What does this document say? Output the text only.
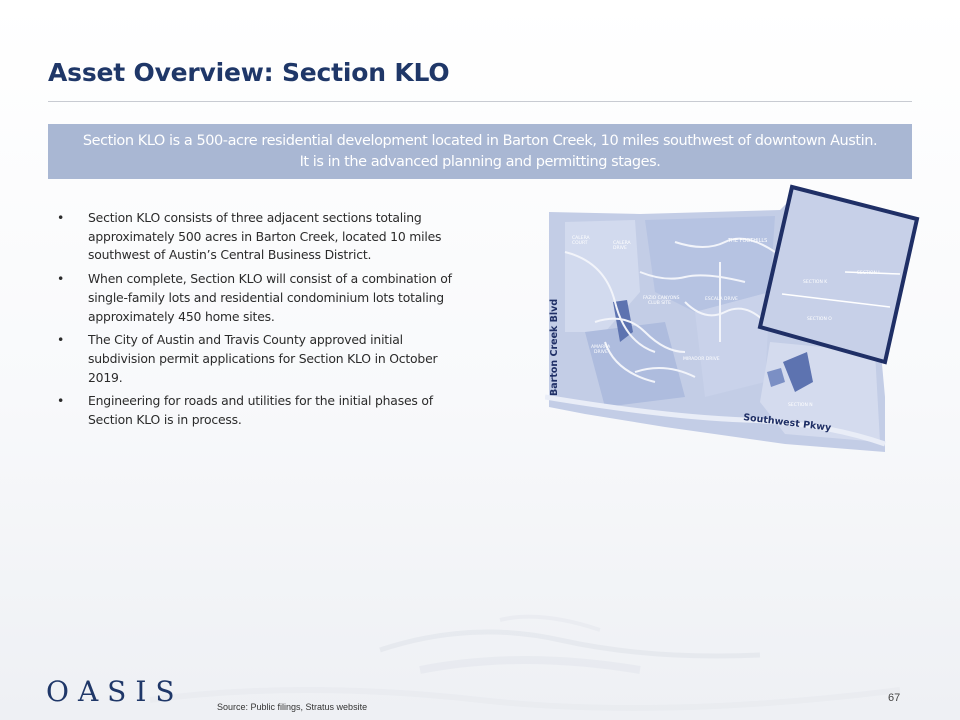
Asset Overview: Section KLO
Section KLO is a 500-acre residential development located in Barton Creek, 10 miles southwest of downtown Austin.
It is in the advanced planning and permitting stages.
• Section KLO consists of three adjacent sections totaling approximately 500 acres in Barton Creek, located 10 miles southwest of Austin’s Central Business District.
• When complete, Section KLO will consist of a combination of single-family lots and residential condominium lots totaling approximately 450 home sites.
• The City of Austin and Travis County approved initial subdivision permit applications for Section KLO in October 2019.
• Engineering for roads and utilities for the initial phases of Section KLO is in process.
CALERA COURT	CALERA DRIVE
THE FOOTHILLS
SECTION K
SECTION L
SECTION O
SECTION N
ESCALA DRIVE
MIRADOR DRIVE
AMARRA DRIVE
FAZIO CANYONS CLUB SITE
Barton Creek Blvd
Southwest Pkwy
OASIS	Source: Public filings, Stratus website
67
